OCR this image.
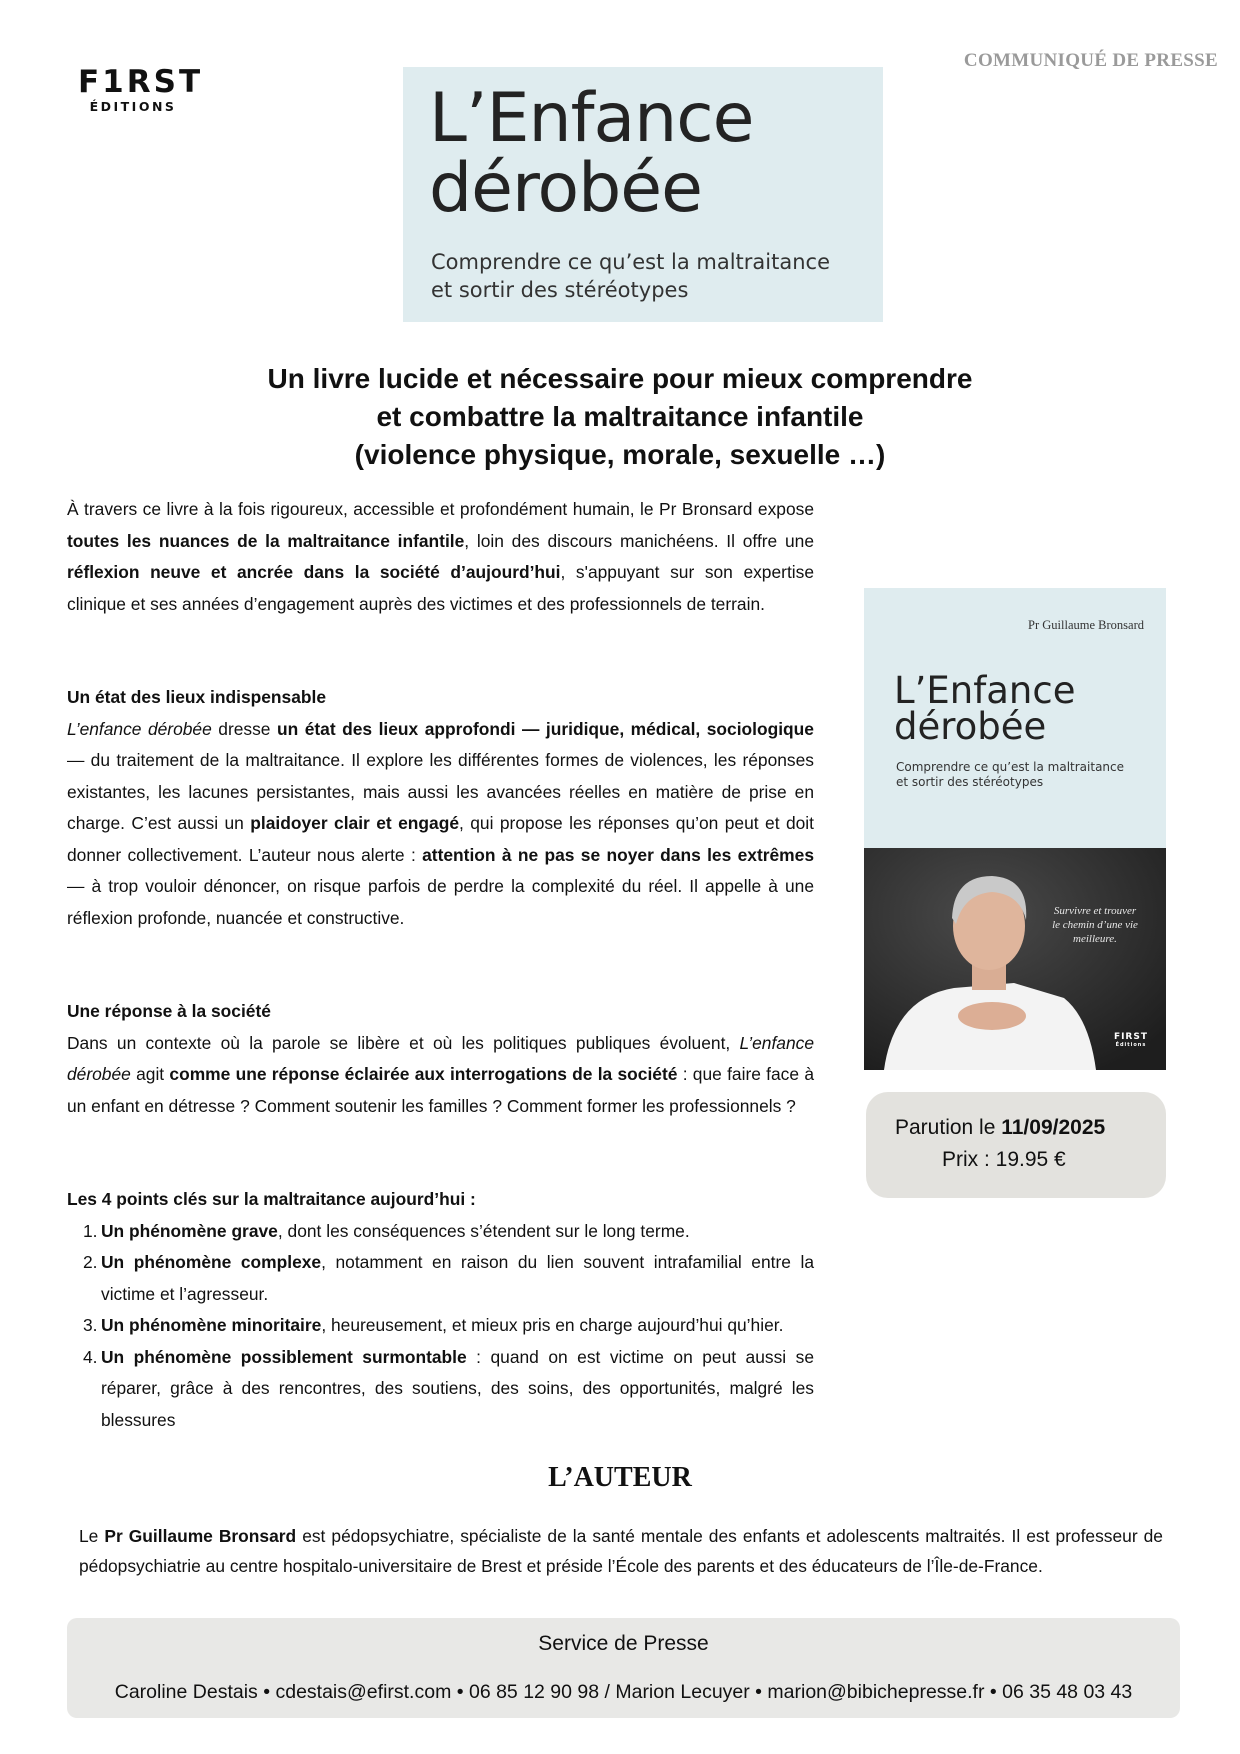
F1RST
ÉDITIONS
COMMUNIQUÉ DE PRESSE
L’Enfance
dérobée
Comprendre ce qu’est la maltraitance
et sortir des stéréotypes
Un livre lucide et nécessaire pour mieux comprendre
et combattre la maltraitance infantile
(violence physique, morale, sexuelle …)
À travers ce livre à la fois rigoureux, accessible et profondément humain, le Pr Bronsard expose toutes les nuances de la maltraitance infantile, loin des discours manichéens. Il offre une réflexion neuve et ancrée dans la société d’aujourd’hui, s'appuyant sur son expertise clinique et ses années d’engagement auprès des victimes et des professionnels de terrain.
Un état des lieux indispensable
L’enfance dérobée dresse un état des lieux approfondi — juridique, médical, sociologique — du traitement de la maltraitance. Il explore les différentes formes de violences, les réponses existantes, les lacunes persistantes, mais aussi les avancées réelles en matière de prise en charge. C’est aussi un plaidoyer clair et engagé, qui propose les réponses qu’on peut et doit donner collectivement. L’auteur nous alerte : attention à ne pas se noyer dans les extrêmes — à trop vouloir dénoncer, on risque parfois de perdre la complexité du réel. Il appelle à une réflexion profonde, nuancée et constructive.
Une réponse à la société
Dans un contexte où la parole se libère et où les politiques publiques évoluent, L’enfance dérobée agit comme une réponse éclairée aux interrogations de la société : que faire face à un enfant en détresse ? Comment soutenir les familles ? Comment former les professionnels ?
Les 4 points clés sur la maltraitance aujourd’hui :
1. Un phénomène grave, dont les conséquences s’étendent sur le long terme.
2. Un phénomène complexe, notamment en raison du lien souvent intrafamilial entre la victime et l’agresseur.
3. Un phénomène minoritaire, heureusement, et mieux pris en charge aujourd’hui qu’hier.
4. Un phénomène possiblement surmontable : quand on est victime on peut aussi se réparer, grâce à des rencontres, des soutiens, des soins, des opportunités, malgré les blessures
Pr Guillaume Bronsard
L’Enfance
dérobée
Comprendre ce qu’est la maltraitance
et sortir des stéréotypes
Survivre et trouver
le chemin d’une vie
meilleure.
FIRST
Éditions
Parution le 11/09/2025
Prix : 19.95 €
L’AUTEUR
Le Pr Guillaume Bronsard est pédopsychiatre, spécialiste de la santé mentale des enfants et adolescents maltraités. Il est professeur de pédopsychiatrie au centre hospitalo-universitaire de Brest et préside l’École des parents et des éducateurs de l’Île-de-France.
Service de Presse
Caroline Destais • cdestais@efirst.com • 06 85 12 90 98 / Marion Lecuyer • marion@bibichepresse.fr • 06 35 48 03 43
